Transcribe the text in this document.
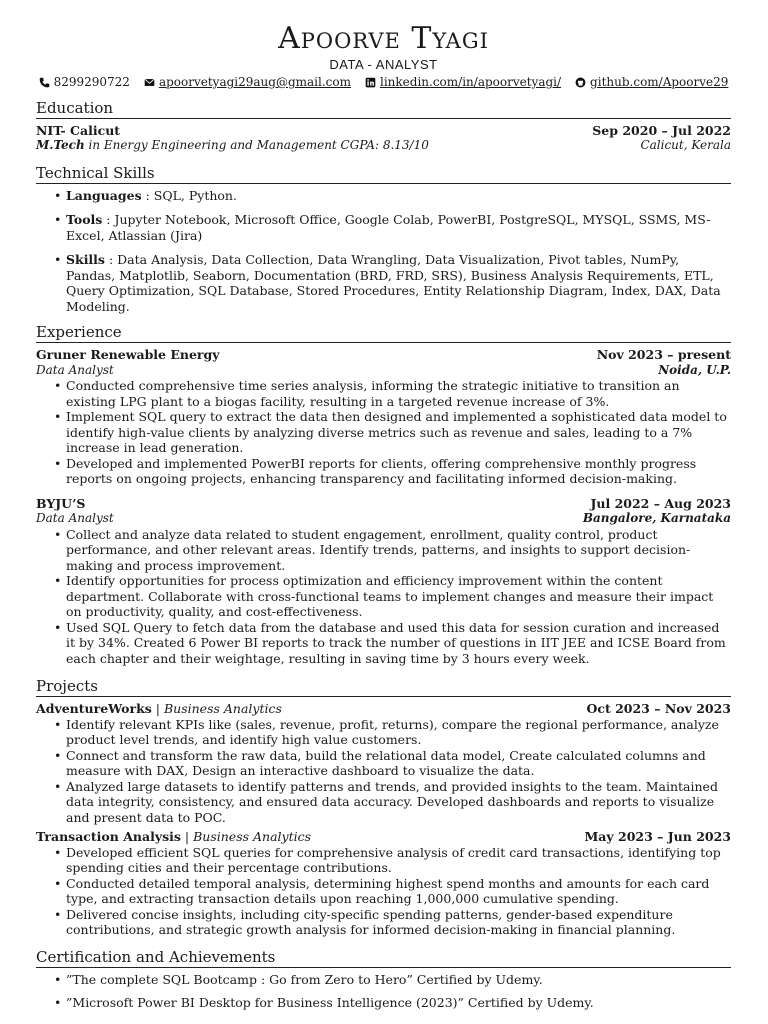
Apoorve Tyagi
DATA - ANALYST
8299290722 apoorvetyagi29aug@gmail.com linkedin.com/in/apoorvetyagi/ github.com/Apoorve29
Education
NIT- Calicut	Sep 2020 – Jul 2022
M.Tech in Energy Engineering and Management CGPA: 8.13/10	Calicut, Kerala
Technical Skills
• Languages : SQL, Python.
• Tools : Jupyter Notebook, Microsoft Office, Google Colab, PowerBI, PostgreSQL, MYSQL, SSMS, MS-Excel, Atlassian (Jira)
• Skills : Data Analysis, Data Collection, Data Wrangling, Data Visualization, Pivot tables, NumPy, Pandas, Matplotlib, Seaborn, Documentation (BRD, FRD, SRS), Business Analysis Requirements, ETL, Query Optimization, SQL Database, Stored Procedures, Entity Relationship Diagram, Index, DAX, Data Modeling.
Experience
Gruner Renewable Energy	Nov 2023 – present
Data Analyst	Noida, U.P.
• Conducted comprehensive time series analysis, informing the strategic initiative to transition an existing LPG plant to a biogas facility, resulting in a targeted revenue increase of 3%.
• Implement SQL query to extract the data then designed and implemented a sophisticated data model to identify high-value clients by analyzing diverse metrics such as revenue and sales, leading to a 7% increase in lead generation.
• Developed and implemented PowerBI reports for clients, offering comprehensive monthly progress reports on ongoing projects, enhancing transparency and facilitating informed decision-making.
BYJU’S	Jul 2022 – Aug 2023
Data Analyst	Bangalore, Karnataka
• Collect and analyze data related to student engagement, enrollment, quality control, product performance, and other relevant areas. Identify trends, patterns, and insights to support decision-making and process improvement.
• Identify opportunities for process optimization and efficiency improvement within the content department. Collaborate with cross-functional teams to implement changes and measure their impact on productivity, quality, and cost-effectiveness.
• Used SQL Query to fetch data from the database and used this data for session curation and increased it by 34%. Created 6 Power BI reports to track the number of questions in IIT JEE and ICSE Board from each chapter and their weightage, resulting in saving time by 3 hours every week.
Projects
AdventureWorks | Business Analytics	Oct 2023 – Nov 2023
• Identify relevant KPIs like (sales, revenue, profit, returns), compare the regional performance, analyze product level trends, and identify high value customers.
• Connect and transform the raw data, build the relational data model, Create calculated columns and measure with DAX, Design an interactive dashboard to visualize the data.
• Analyzed large datasets to identify patterns and trends, and provided insights to the team. Maintained data integrity, consistency, and ensured data accuracy. Developed dashboards and reports to visualize and present data to POC.
Transaction Analysis | Business Analytics	May 2023 – Jun 2023
• Developed efficient SQL queries for comprehensive analysis of credit card transactions, identifying top spending cities and their percentage contributions.
• Conducted detailed temporal analysis, determining highest spend months and amounts for each card type, and extracting transaction details upon reaching 1,000,000 cumulative spending.
• Delivered concise insights, including city-specific spending patterns, gender-based expenditure contributions, and strategic growth analysis for informed decision-making in financial planning.
Certification and Achievements
• ”The complete SQL Bootcamp : Go from Zero to Hero” Certified by Udemy.
• ”Microsoft Power BI Desktop for Business Intelligence (2023)” Certified by Udemy.
